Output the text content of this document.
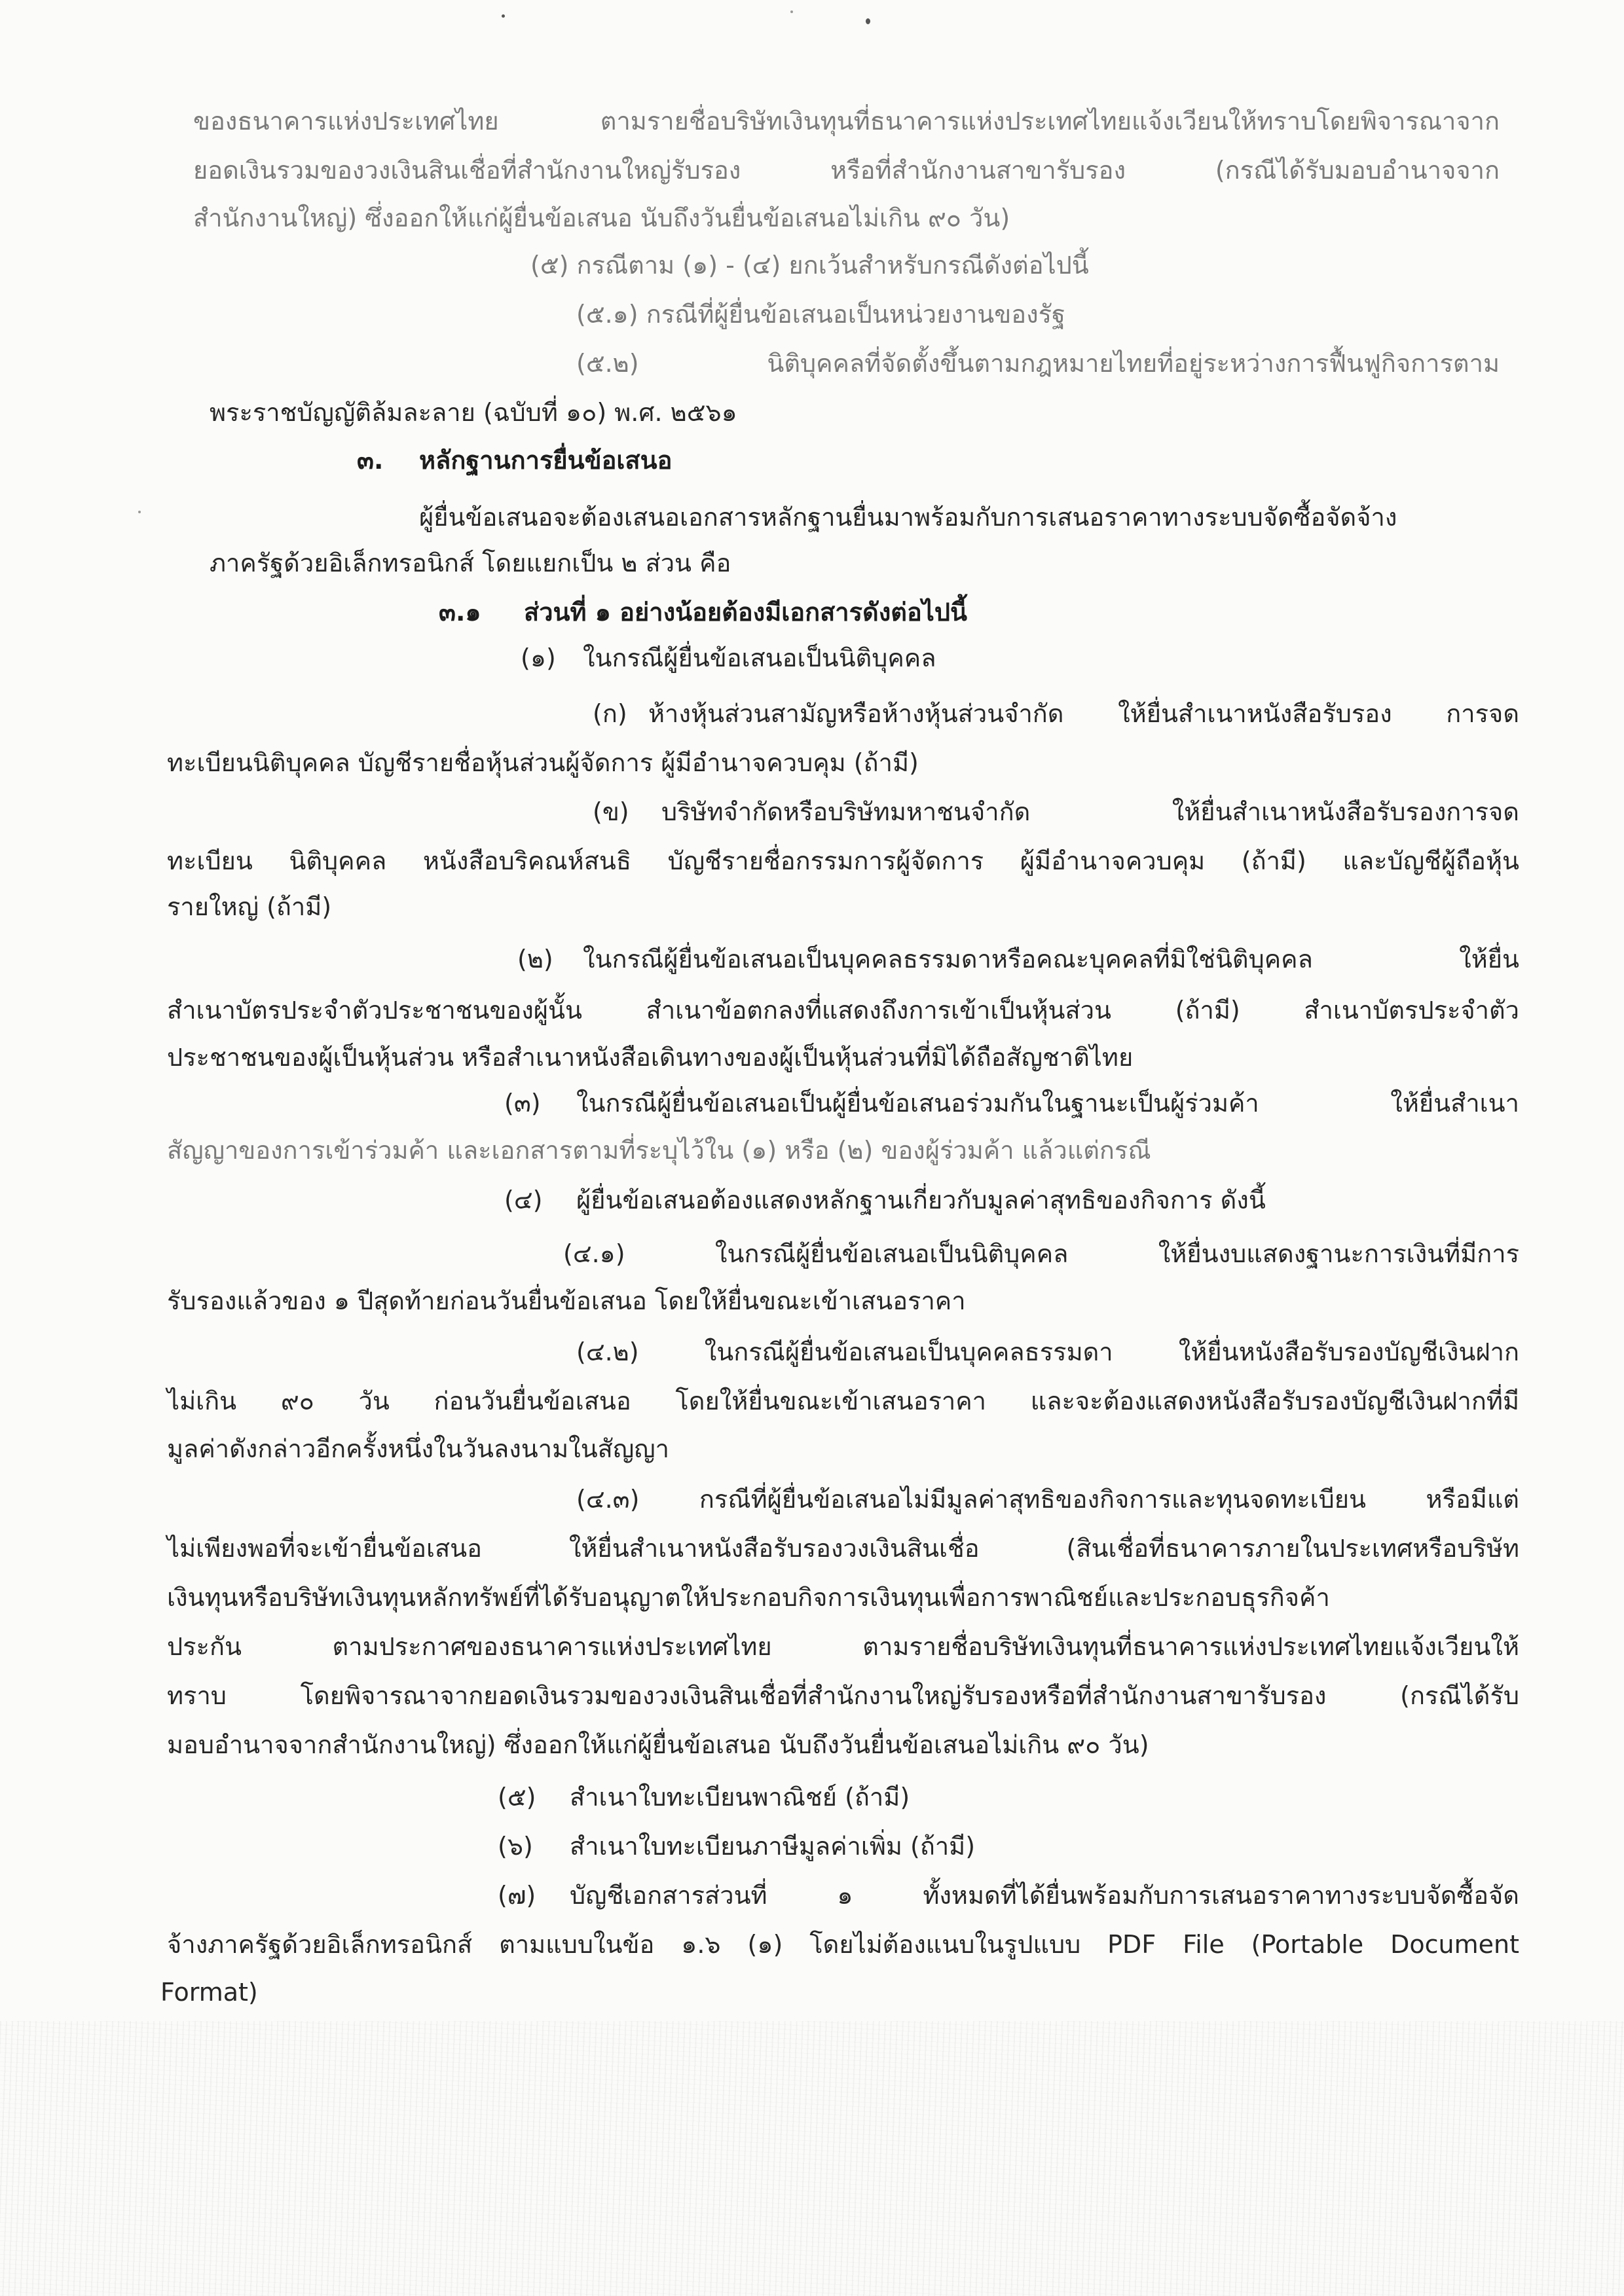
ของธนาคารแห่งประเทศไทย ตามรายชื่อบริษัทเงินทุนที่ธนาคารแห่งประเทศไทยแจ้งเวียนให้ทราบโดยพิจารณาจาก
ยอดเงินรวมของวงเงินสินเชื่อที่สำนักงานใหญ่รับรอง หรือที่สำนักงานสาขารับรอง (กรณีได้รับมอบอำนาจจาก
สำนักงานใหญ่) ซึ่งออกให้แก่ผู้ยื่นข้อเสนอ นับถึงวันยื่นข้อเสนอไม่เกิน ๙๐ วัน)
(๕) กรณีตาม (๑) - (๔) ยกเว้นสำหรับกรณีดังต่อไปนี้
(๕.๑) กรณีที่ผู้ยื่นข้อเสนอเป็นหน่วยงานของรัฐ
(๕.๒) นิติบุคคลที่จัดตั้งขึ้นตามกฎหมายไทยที่อยู่ระหว่างการฟื้นฟูกิจการตาม
พระราชบัญญัติล้มละลาย (ฉบับที่ ๑๐) พ.ศ. ๒๕๖๑
๓. หลักฐานการยื่นข้อเสนอ
ผู้ยื่นข้อเสนอจะต้องเสนอเอกสารหลักฐานยื่นมาพร้อมกับการเสนอราคาทางระบบจัดซื้อจัดจ้าง
ภาครัฐด้วยอิเล็กทรอนิกส์ โดยแยกเป็น ๒ ส่วน คือ
๓.๑ ส่วนที่ ๑ อย่างน้อยต้องมีเอกสารดังต่อไปนี้
(๑) ในกรณีผู้ยื่นข้อเสนอเป็นนิติบุคคล
(ก) ห้างหุ้นส่วนสามัญหรือห้างหุ้นส่วนจำกัด ให้ยื่นสำเนาหนังสือรับรอง การจด
ทะเบียนนิติบุคคล บัญชีรายชื่อหุ้นส่วนผู้จัดการ ผู้มีอำนาจควบคุม (ถ้ามี)
(ข) บริษัทจำกัดหรือบริษัทมหาชนจำกัด ให้ยื่นสำเนาหนังสือรับรองการจด
ทะเบียน นิติบุคคล หนังสือบริคณห์สนธิ บัญชีรายชื่อกรรมการผู้จัดการ ผู้มีอำนาจควบคุม (ถ้ามี) และบัญชีผู้ถือหุ้น
รายใหญ่ (ถ้ามี)
(๒) ในกรณีผู้ยื่นข้อเสนอเป็นบุคคลธรรมดาหรือคณะบุคคลที่มิใช่นิติบุคคล ให้ยื่น
สำเนาบัตรประจำตัวประชาชนของผู้นั้น สำเนาข้อตกลงที่แสดงถึงการเข้าเป็นหุ้นส่วน (ถ้ามี) สำเนาบัตรประจำตัว
ประชาชนของผู้เป็นหุ้นส่วน หรือสำเนาหนังสือเดินทางของผู้เป็นหุ้นส่วนที่มิได้ถือสัญชาติไทย
(๓) ในกรณีผู้ยื่นข้อเสนอเป็นผู้ยื่นข้อเสนอร่วมกันในฐานะเป็นผู้ร่วมค้า ให้ยื่นสำเนา
สัญญาของการเข้าร่วมค้า และเอกสารตามที่ระบุไว้ใน (๑) หรือ (๒) ของผู้ร่วมค้า แล้วแต่กรณี
(๔) ผู้ยื่นข้อเสนอต้องแสดงหลักฐานเกี่ยวกับมูลค่าสุทธิของกิจการ ดังนี้
(๔.๑) ในกรณีผู้ยื่นข้อเสนอเป็นนิติบุคคล ให้ยื่นงบแสดงฐานะการเงินที่มีการ
รับรองแล้วของ ๑ ปีสุดท้ายก่อนวันยื่นข้อเสนอ โดยให้ยื่นขณะเข้าเสนอราคา
(๔.๒) ในกรณีผู้ยื่นข้อเสนอเป็นบุคคลธรรมดา ให้ยื่นหนังสือรับรองบัญชีเงินฝาก
ไม่เกิน ๙๐ วัน ก่อนวันยื่นข้อเสนอ โดยให้ยื่นขณะเข้าเสนอราคา และจะต้องแสดงหนังสือรับรองบัญชีเงินฝากที่มี
มูลค่าดังกล่าวอีกครั้งหนึ่งในวันลงนามในสัญญา
(๔.๓) กรณีที่ผู้ยื่นข้อเสนอไม่มีมูลค่าสุทธิของกิจการและทุนจดทะเบียน หรือมีแต่
ไม่เพียงพอที่จะเข้ายื่นข้อเสนอ ให้ยื่นสำเนาหนังสือรับรองวงเงินสินเชื่อ (สินเชื่อที่ธนาคารภายในประเทศหรือบริษัท
เงินทุนหรือบริษัทเงินทุนหลักทรัพย์ที่ได้รับอนุญาตให้ประกอบกิจการเงินทุนเพื่อการพาณิชย์และประกอบธุรกิจค้า
ประกัน ตามประกาศของธนาคารแห่งประเทศไทย ตามรายชื่อบริษัทเงินทุนที่ธนาคารแห่งประเทศไทยแจ้งเวียนให้
ทราบ โดยพิจารณาจากยอดเงินรวมของวงเงินสินเชื่อที่สำนักงานใหญ่รับรองหรือที่สำนักงานสาขารับรอง (กรณีได้รับ
มอบอำนาจจากสำนักงานใหญ่) ซึ่งออกให้แก่ผู้ยื่นข้อเสนอ นับถึงวันยื่นข้อเสนอไม่เกิน ๙๐ วัน)
(๕) สำเนาใบทะเบียนพาณิชย์ (ถ้ามี)
(๖) สำเนาใบทะเบียนภาษีมูลค่าเพิ่ม (ถ้ามี)
(๗) บัญชีเอกสารส่วนที่ ๑ ทั้งหมดที่ได้ยื่นพร้อมกับการเสนอราคาทางระบบจัดซื้อจัด
จ้างภาครัฐด้วยอิเล็กทรอนิกส์ ตามแบบในข้อ ๑.๖ (๑) โดยไม่ต้องแนบในรูปแบบ PDF File (Portable Document
Format)
